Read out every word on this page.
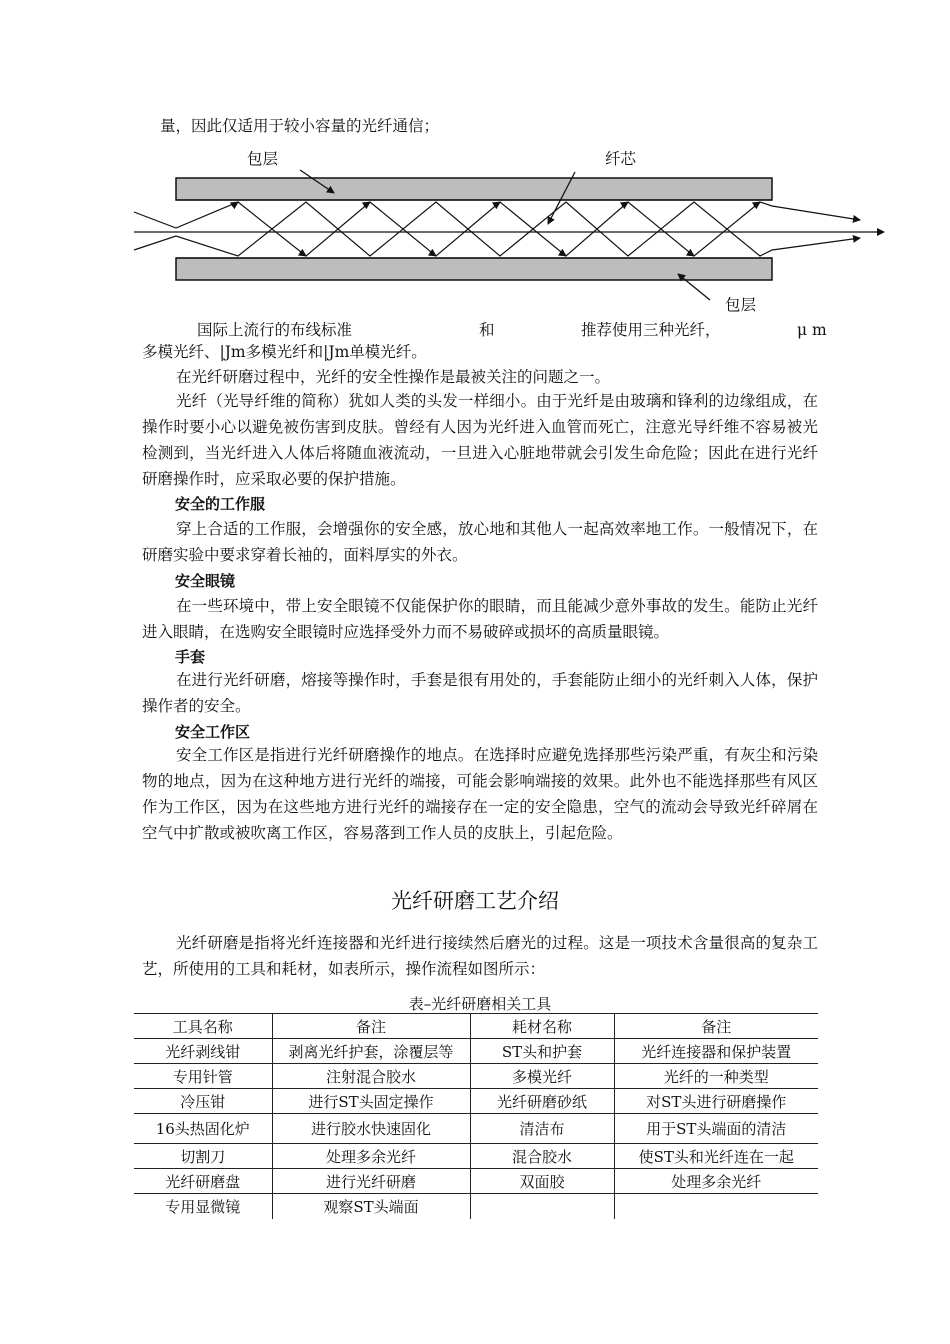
量，因此仅适用于较小容量的光纤通信；
包层	纤芯
包层
国际上流行的布线标准	和	推荐使用三种光纤，	μ m
多模光纤、|Jm多模光纤和|Jm单模光纤。
在光纤研磨过程中，光纤的安全性操作是最被关注的问题之一。
光纤（光导纤维的简称）犹如人类的头发一样细小。由于光纤是由玻璃和锋利的边缘组成，在操作时要小心以避免被伤害到皮肤。曾经有人因为光纤进入血管而死亡，注意光导纤维不容易被光检测到，当光纤进入人体后将随血液流动，一旦进入心脏地带就会引发生命危险；因此在进行光纤研磨操作时，应采取必要的保护措施。
安全的工作服
穿上合适的工作服，会增强你的安全感，放心地和其他人一起高效率地工作。一般情况下，在研磨实验中要求穿着长袖的，面料厚实的外衣。
安全眼镜
在一些环境中，带上安全眼镜不仅能保护你的眼睛，而且能减少意外事故的发生。能防止光纤进入眼睛，在选购安全眼镜时应选择受外力而不易破碎或损坏的高质量眼镜。
手套
在进行光纤研磨，熔接等操作时，手套是很有用处的，手套能防止细小的光纤刺入人体，保护操作者的安全。
安全工作区
安全工作区是指进行光纤研磨操作的地点。在选择时应避免选择那些污染严重，有灰尘和污染物的地点，因为在这种地方进行光纤的端接，可能会影响端接的效果。此外也不能选择那些有风区作为工作区，因为在这些地方进行光纤的端接存在一定的安全隐患，空气的流动会导致光纤碎屑在空气中扩散或被吹离工作区，容易落到工作人员的皮肤上，引起危险。
光纤研磨工艺介绍
光纤研磨是指将光纤连接器和光纤进行接续然后磨光的过程。这是一项技术含量很高的复杂工艺，所使用的工具和耗材，如表所示，操作流程如图所示：
表–光纤研磨相关工具
工具名称	备注	耗材名称	备注
光纤剥线钳	剥离光纤护套，涂覆层等	ST头和护套	光纤连接器和保护装置
专用针管	注射混合胶水	多模光纤	光纤的一种类型
冷压钳	进行ST头固定操作	光纤研磨砂纸	对ST头进行研磨操作
16头热固化炉	进行胶水快速固化	清洁布	用于ST头端面的清洁
切割刀	处理多余光纤	混合胶水	使ST头和光纤连在一起
光纤研磨盘	进行光纤研磨	双面胶	处理多余光纤
专用显微镜	观察ST头端面		
